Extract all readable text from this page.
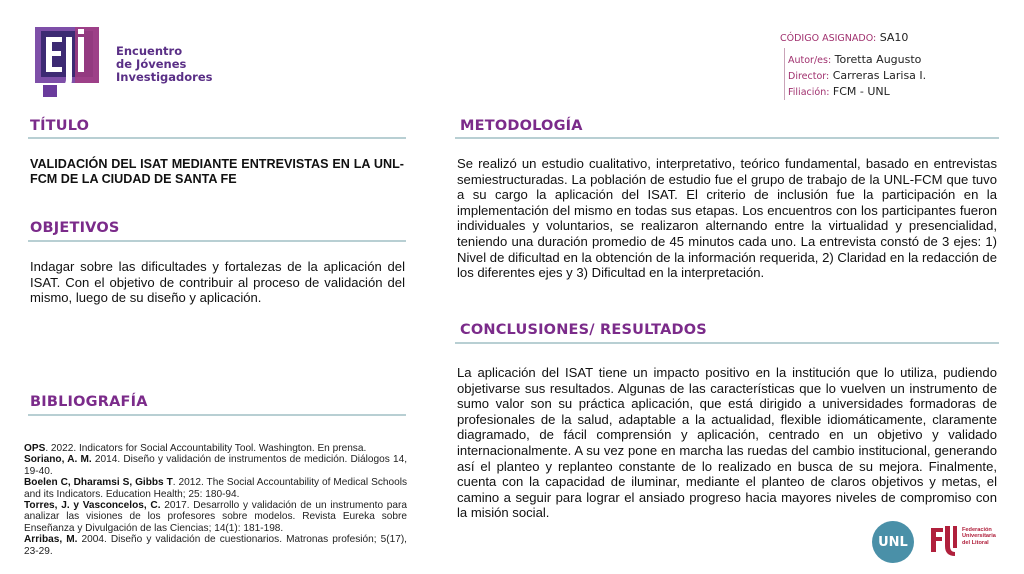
Encuentro
de Jóvenes
Investigadores
CÓDIGO ASIGNADO: SA10
Autor/es: Toretta Augusto
Director: Carreras Larisa I.
Filiación: FCM - UNL
TÍTULO
VALIDACIÓN DEL ISAT MEDIANTE ENTREVISTAS EN LA UNL-FCM DE LA CIUDAD DE SANTA FE
OBJETIVOS
Indagar sobre las dificultades y fortalezas de la aplicación del ISAT. Con el objetivo de contribuir al proceso de validación del mismo, luego de su diseño y aplicación.
BIBLIOGRAFÍA
OPS. 2022. Indicators for Social Accountability Tool. Washington. En prensa.
Soriano, A. M. 2014. Diseño y validación de instrumentos de medición. Diálogos 14, 19-40.
Boelen C, Dharamsi S, Gibbs T. 2012. The Social Accountability of Medical Schools and its Indicators. Education Health; 25: 180-94.
Torres, J. y Vasconcelos, C. 2017. Desarrollo y validación de un instrumento para analizar las visiones de los profesores sobre modelos. Revista Eureka sobre Enseñanza y Divulgación de las Ciencias; 14(1): 181-198.
Arribas, M. 2004. Diseño y validación de cuestionarios. Matronas profesión; 5(17), 23-29.
METODOLOGÍA
Se realizó un estudio cualitativo, interpretativo, teórico fundamental, basado en entrevistas semiestructuradas. La población de estudio fue el grupo de trabajo de la UNL-FCM que tuvo a su cargo la aplicación del ISAT. El criterio de inclusión fue la participación en la implementación del mismo en todas sus etapas. Los encuentros con los participantes fueron individuales y voluntarios, se realizaron alternando entre la virtualidad y presencialidad, teniendo una duración promedio de 45 minutos cada uno. La entrevista constó de 3 ejes: 1) Nivel de dificultad en la obtención de la información requerida, 2) Claridad en la redacción de los diferentes ejes y 3) Dificultad en la interpretación.
CONCLUSIONES/ RESULTADOS
La aplicación del ISAT tiene un impacto positivo en la institución que lo utiliza, pudiendo objetivarse sus resultados. Algunas de las características que lo vuelven un instrumento de sumo valor son su práctica aplicación, que está dirigido a universidades formadoras de profesionales de la salud, adaptable a la actualidad, flexible idiomáticamente, claramente diagramado, de fácil comprensión y aplicación, centrado en un objetivo y validado internacionalmente. A su vez pone en marcha las ruedas del cambio institucional, generando así el planteo y replanteo constante de lo realizado en busca de su mejora. Finalmente, cuenta con la capacidad de iluminar, mediante el planteo de claros objetivos y metas, el camino a seguir para lograr el ansiado progreso hacia mayores niveles de compromiso con la misión social.
UNL
Federación Universitaria del Litoral
